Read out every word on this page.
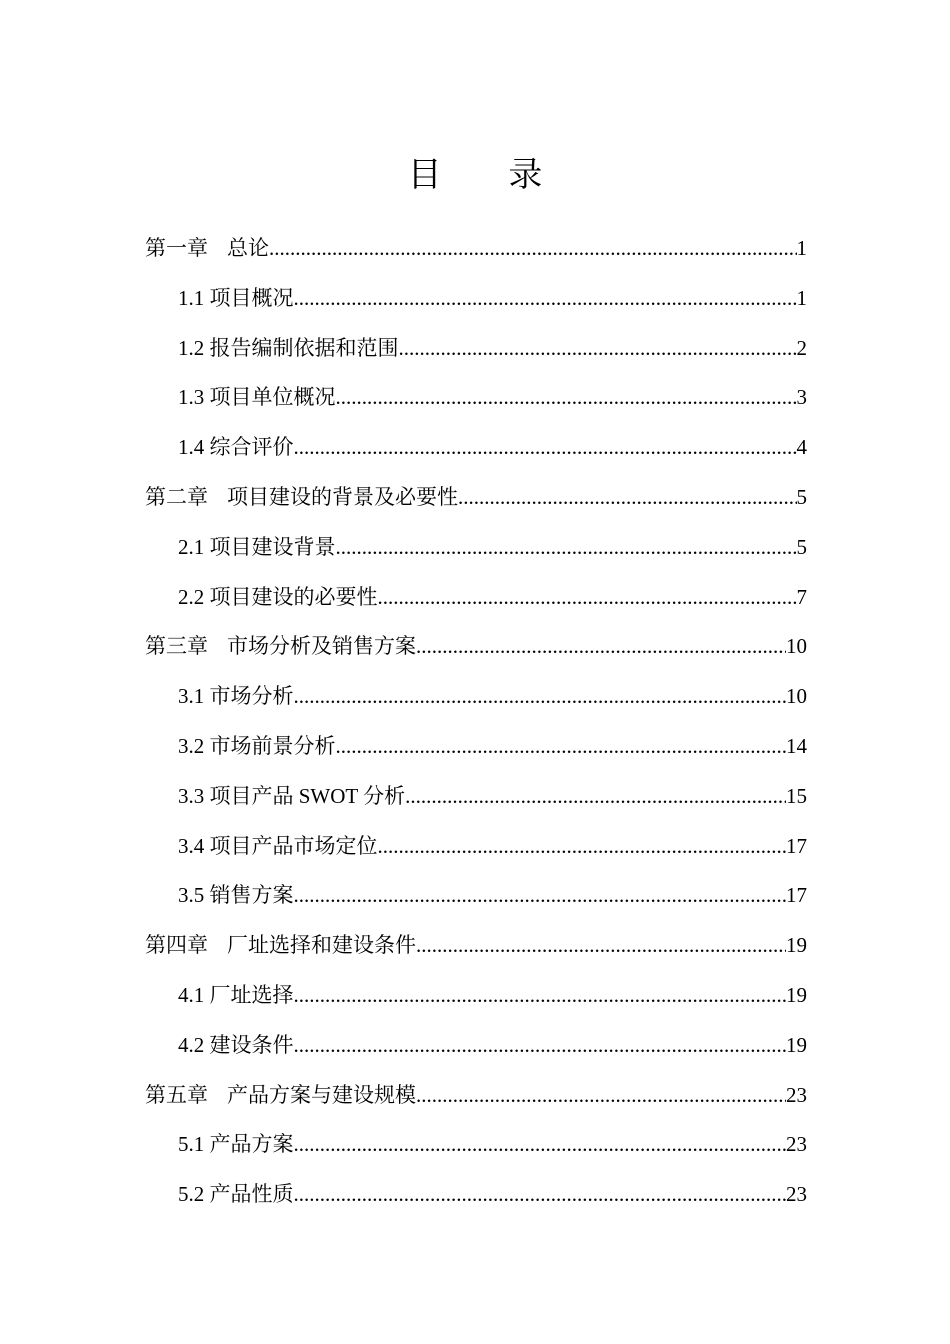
目 录
第一章 总论 .....	1
1.1 项目概况 .....	1
1.2 报告编制依据和范围 .....	2
1.3 项目单位概况 .....	3
1.4 综合评价 .....	4
第二章 项目建设的背景及必要性 .....	5
2.1 项目建设背景 .....	5
2.2 项目建设的必要性 .....	7
第三章 市场分析及销售方案 .....	10
3.1 市场分析 .....	10
3.2 市场前景分析 .....	14
3.3 项目产品 SWOT 分析 .....	15
3.4 项目产品市场定位 .....	17
3.5 销售方案 .....	17
第四章 厂址选择和建设条件 .....	19
4.1 厂址选择 .....	19
4.2 建设条件 .....	19
第五章 产品方案与建设规模 .....	23
5.1 产品方案 .....	23
5.2 产品性质 .....	23
